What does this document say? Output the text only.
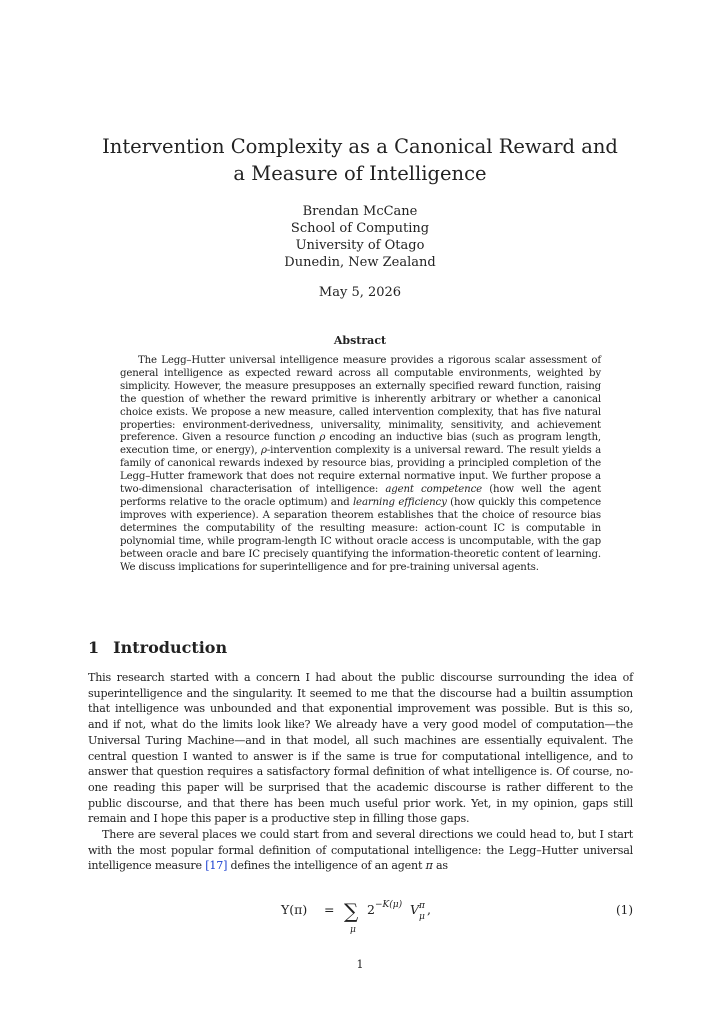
Intervention Complexity as a Canonical Reward and
a Measure of Intelligence
Brendan McCane
School of Computing
University of Otago
Dunedin, New Zealand
May 5, 2026
Abstract
The Legg–Hutter universal intelligence measure provides a rigorous scalar assessment of general intelligence as expected reward across all computable environments, weighted by simplicity. However, the measure presupposes an externally specified reward function, raising the question of whether the reward primitive is inherently arbitrary or whether a canonical choice exists. We propose a new measure, called intervention complexity, that has five natural properties: environment-derivedness, universality, minimality, sensitivity, and achievement preference. Given a resource function ρ encoding an inductive bias (such as program length, execution time, or energy), ρ-intervention complexity is a universal reward. The result yields a family of canonical rewards indexed by resource bias, providing a principled completion of the Legg–Hutter framework that does not require external normative input. We further propose a two-dimensional characterisation of intelligence: agent competence (how well the agent performs relative to the oracle optimum) and learning efficiency (how quickly this competence improves with experience). A separation theorem establishes that the choice of resource bias determines the computability of the resulting measure: action-count IC is computable in polynomial time, while program-length IC without oracle access is uncomputable, with the gap between oracle and bare IC precisely quantifying the information-theoretic content of learning. We discuss implications for superintelligence and for pre-training universal agents.
1 Introduction

This research started with a concern I had about the public discourse surrounding the idea of superintelligence and the singularity. It seemed to me that the discourse had a builtin assumption that intelligence was unbounded and that exponential improvement was possible. But is this so, and if not, what do the limits look like? We already have a very good model of computation—the Universal Turing Machine—and in that model, all such machines are essentially equivalent. The central question I wanted to answer is if the same is true for computational intelligence, and to answer that question requires a satisfactory formal definition of what intelligence is. Of course, no-one reading this paper will be surprised that the academic discourse is rather different to the public discourse, and that there has been much useful prior work. Yet, in my opinion, gaps still remain and I hope this paper is a productive step in filling those gaps.

There are several places we could start from and several directions we could head to, but I start with the most popular formal definition of computational intelligence: the Legg–Hutter universal intelligence measure [17] defines the intelligence of an agent π as

Υ(π) = ∑
μ
2 −K(μ) V π
μ ,	(1)
1
